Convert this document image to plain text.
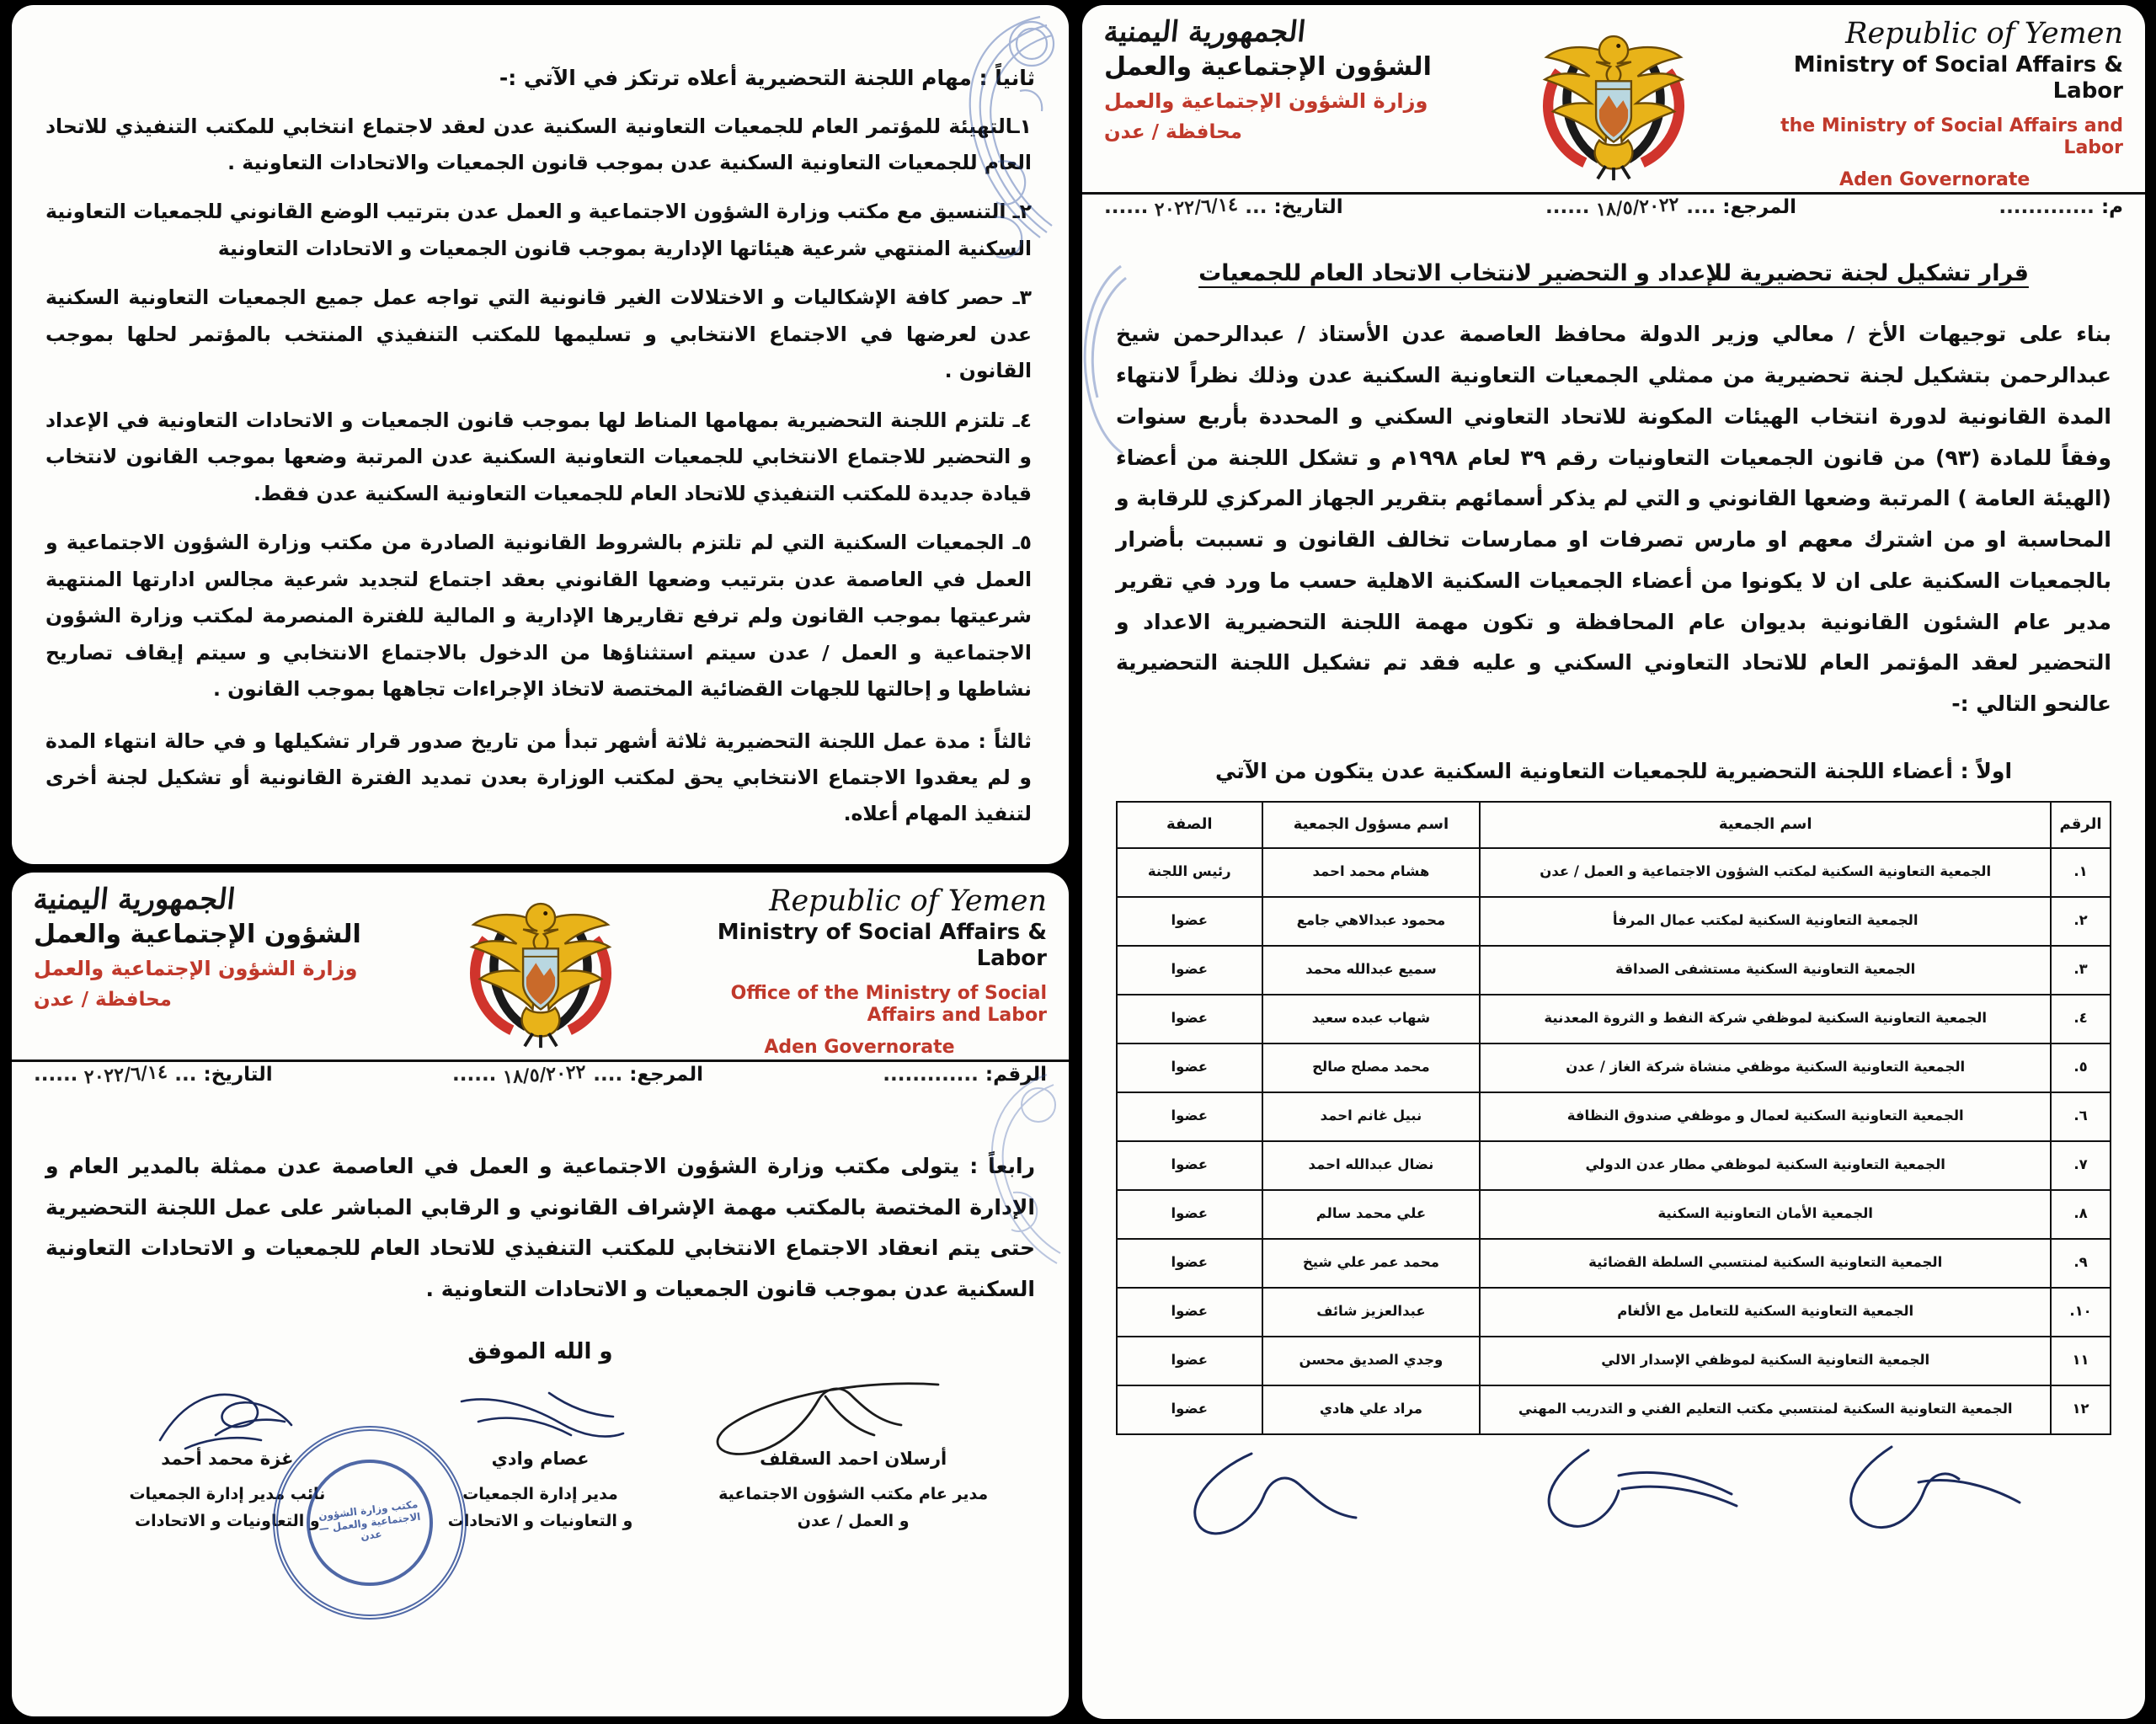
ثانياً : مهام اللجنة التحضيرية أعلاه ترتكز في الآتي :-
١ـالتهيئة للمؤتمر العام للجمعيات التعاونية السكنية عدن لعقد لاجتماع انتخابي للمكتب التنفيذي للاتحاد العام للجمعيات التعاونية السكنية عدن بموجب قانون الجمعيات والاتحادات التعاونية .
٢ـ التنسيق مع مكتب وزارة الشؤون الاجتماعية و العمل عدن بترتيب الوضع القانوني للجمعيات التعاونية السكنية المنتهي شرعية هيئاتها الإدارية بموجب قانون الجمعيات و الاتحادات التعاونية
٣ـ حصر كافة الإشكاليات و الاختلالات الغير قانونية التي تواجه عمل جميع الجمعيات التعاونية السكنية عدن لعرضها في الاجتماع الانتخابي و تسليمها للمكتب التنفيذي المنتخب بالمؤتمر لحلها بموجب القانون .
٤ـ تلتزم اللجنة التحضيرية بمهامها المناط لها بموجب قانون الجمعيات و الاتحادات التعاونية في الإعداد و التحضير للاجتماع الانتخابي للجمعيات التعاونية السكنية عدن المرتبة وضعها بموجب القانون لانتخاب قيادة جديدة للمكتب التنفيذي للاتحاد العام للجمعيات التعاونية السكنية عدن فقط.
٥ـ الجمعيات السكنية التي لم تلتزم بالشروط القانونية الصادرة من مكتب وزارة الشؤون الاجتماعية و العمل في العاصمة عدن بترتيب وضعها القانوني بعقد اجتماع لتجديد شرعية مجالس ادارتها المنتهية شرعيتها بموجب القانون ولم ترفع تقاريرها الإدارية و المالية للفترة المنصرمة لمكتب وزارة الشؤون الاجتماعية و العمل / عدن سيتم استثناؤها من الدخول بالاجتماع الانتخابي و سيتم إيقاف تصاريح نشاطها و إحالتها للجهات القضائية المختصة لاتخاذ الإجراءات تجاهها بموجب القانون .
ثالثاً : مدة عمل اللجنة التحضيرية ثلاثة أشهر تبدأ من تاريخ صدور قرار تشكيلها و في حالة انتهاء المدة و لم يعقدوا الاجتماع الانتخابي يحق لمكتب الوزارة بعدن تمديد الفترة القانونية أو تشكيل لجنة أخرى لتنفيذ المهام أعلاه.
الجمهورية اليمنية
الشؤون الإجتماعية والعمل
وزارة الشؤون الإجتماعية والعمل
محافظة / عدن
Republic of Yemen
Ministry of Social Affairs & Labor
Office of the Ministry of Social Affairs and Labor
Aden Governorate
الرقم: .............
المرجع: .... ١٨/٥/٢٠٢٢ ......
التاريخ: ... ٢٠٢٢/٦/١٤ ......
رابعاً : يتولى مكتب وزارة الشؤون الاجتماعية و العمل في العاصمة عدن ممثلة بالمدير العام و الإدارة المختصة بالمكتب مهمة الإشراف القانوني و الرقابي المباشر على عمل اللجنة التحضيرية حتى يتم انعقاد الاجتماع الانتخابي للمكتب التنفيذي للاتحاد العام للجمعيات و الاتحادات التعاونية السكنية عدن بموجب قانون الجمعيات و الاتحادات التعاونية .
و الله الموفق
غزة محمد أحمد
نائب مدير إدارة الجمعيات
و التعاونيات و الاتحادات
عصام وادي
مدير إدارة الجمعيات
و التعاونيات و الاتحادات
أرسلان احمد السقلف
مدير عام مكتب الشؤون الاجتماعية
و العمل / عدن
مكتب وزارة الشؤون الاجتماعية والعمل — عدن
الجمهورية اليمنية
الشؤون الإجتماعية والعمل
وزارة الشؤون الإجتماعية والعمل
محافظة / عدن
Republic of Yemen
Ministry of Social Affairs & Labor
the Ministry of Social Affairs and Labor
Aden Governorate
م: .............
المرجع: .... ١٨/٥/٢٠٢٢ ......
التاريخ: ... ٢٠٢٢/٦/١٤ ......
قرار تشكيل لجنة تحضيرية للإعداد و التحضير لانتخاب الاتحاد العام للجمعيات
بناء على توجيهات الأخ / معالي وزير الدولة محافظ العاصمة عدن الأستاذ / عبدالرحمن شيخ عبدالرحمن بتشكيل لجنة تحضيرية من ممثلي الجمعيات التعاونية السكنية عدن وذلك نظراً لانتهاء المدة القانونية لدورة انتخاب الهيئات المكونة للاتحاد التعاوني السكني و المحددة بأربع سنوات وفقاً للمادة (٩٣) من قانون الجمعيات التعاونيات رقم ٣٩ لعام ١٩٩٨م و تشكل اللجنة من أعضاء (الهيئة العامة ) المرتبة وضعها القانوني و التي لم يذكر أسمائهم بتقرير الجهاز المركزي للرقابة و المحاسبة او من اشترك معهم او مارس تصرفات او ممارسات تخالف القانون و تسببت بأضرار بالجمعيات السكنية على ان لا يكونوا من أعضاء الجمعيات السكنية الاهلية حسب ما ورد في تقرير مدير عام الشئون القانونية بديوان عام المحافظة و تكون مهمة اللجنة التحضيرية الاعداد و التحضير لعقد المؤتمر العام للاتحاد التعاوني السكني و عليه فقد تم تشكيل اللجنة التحضيرية عالنحو التالي :-
اولاً : أعضاء اللجنة التحضيرية للجمعيات التعاونية السكنية عدن يتكون من الآتي
الرقم	اسم الجمعية	اسم مسؤول الجمعية	الصفة
١.	الجمعية التعاونية السكنية لمكتب الشؤون الاجتماعية و العمل / عدن	هشام محمد احمد	رئيس اللجنة
٢.	الجمعية التعاونية السكنية لمكتب عمال المرفأ	محمود عبدالاهي جامع	عضوا
٣.	الجمعية التعاونية السكنية مستشفى الصداقة	سميع عبدالله محمد	عضوا
٤.	الجمعية التعاونية السكنية لموظفي شركة النفط و الثروة المعدنية	شهاب عبده سعيد	عضوا
٥.	الجمعية التعاونية السكنية موظفي منشاة شركة الغاز / عدن	محمد مصلح صالح	عضوا
٦.	الجمعية التعاونية السكنية لعمال و موظفي صندوق النظافة	نبيل غانم احمد	عضوا
٧.	الجمعية التعاونية السكنية لموظفي مطار عدن الدولي	نضال عبدالله احمد	عضوا
٨.	الجمعية الأمان التعاونية السكنية	علي محمد سالم	عضوا
٩.	الجمعية التعاونية السكنية لمنتسبي السلطة القضائية	محمد عمر علي شيخ	عضوا
١٠.	الجمعية التعاونية السكنية للتعامل مع الألغام	عبدالعزيز شائف	عضوا
١١	الجمعية التعاونية السكنية لموظفي الإسدار الالي	وجدي الصديق محسن	عضوا
١٢	الجمعية التعاونية السكنية لمنتسبي مكتب التعليم الفني و التدريب المهني	مراد علي هادي	عضوا
